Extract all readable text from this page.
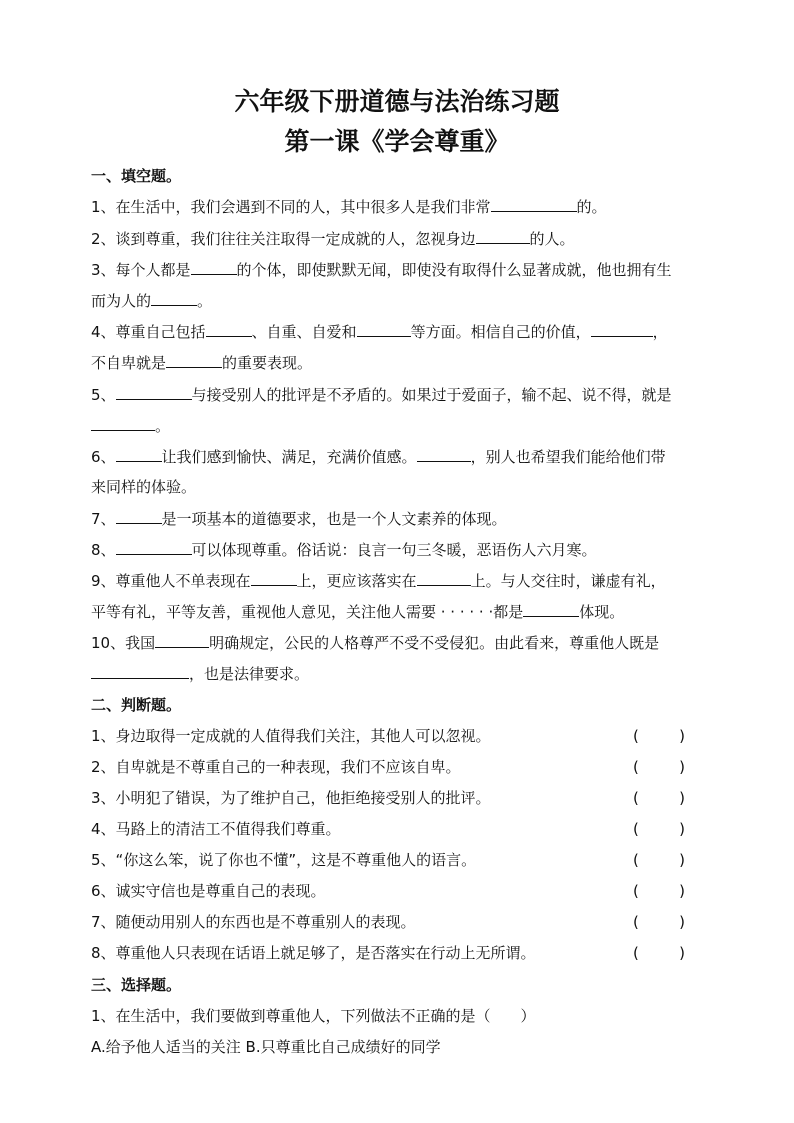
六年级下册道德与法治练习题
第一课《学会尊重》
一、填空题。
1、在生活中，我们会遇到不同的人，其中很多人是我们非常	的。
2、谈到尊重，我们往往关注取得一定成就的人，忽视身边	的人。
3、每个人都是	的个体，即使默默无闻，即使没有取得什么显著成就，他也拥有生
而为人的	。
4、尊重自己包括	、自重、自爱和	等方面。相信自己的价值，	，
不自卑就是	的重要表现。
5、	与接受别人的批评是不矛盾的。如果过于爱面子，输不起、说不得，就是
。
6、	让我们感到愉快、满足，充满价值感。	，别人也希望我们能给他们带
来同样的体验。
7、	是一项基本的道德要求，也是一个人文素养的体现。
8、	可以体现尊重。俗话说：良言一句三冬暖，恶语伤人六月寒。
9、尊重他人不单表现在	上，更应该落实在	上。与人交往时，谦虚有礼，
平等有礼，平等友善，重视他人意见，关注他人需要 · · · · · ·都是	体现。
10、我国	明确规定，公民的人格尊严不受不受侵犯。由此看来，尊重他人既是
，也是法律要求。
二、判断题。
1、身边取得一定成就的人值得我们关注，其他人可以忽视。	(	)
2、自卑就是不尊重自己的一种表现，我们不应该自卑。	(	)
3、小明犯了错误，为了维护自己，他拒绝接受别人的批评。	(	)
4、马路上的清洁工不值得我们尊重。	(	)
5、“你这么笨，说了你也不懂”，这是不尊重他人的语言。	(	)
6、诚实守信也是尊重自己的表现。	(	)
7、随便动用别人的东西也是不尊重别人的表现。	(	)
8、尊重他人只表现在话语上就足够了，是否落实在行动上无所谓。	(	)
三、选择题。
1、在生活中，我们要做到尊重他人，下列做法不正确的是（　　）
A.给予他人适当的关注 B.只尊重比自己成绩好的同学
